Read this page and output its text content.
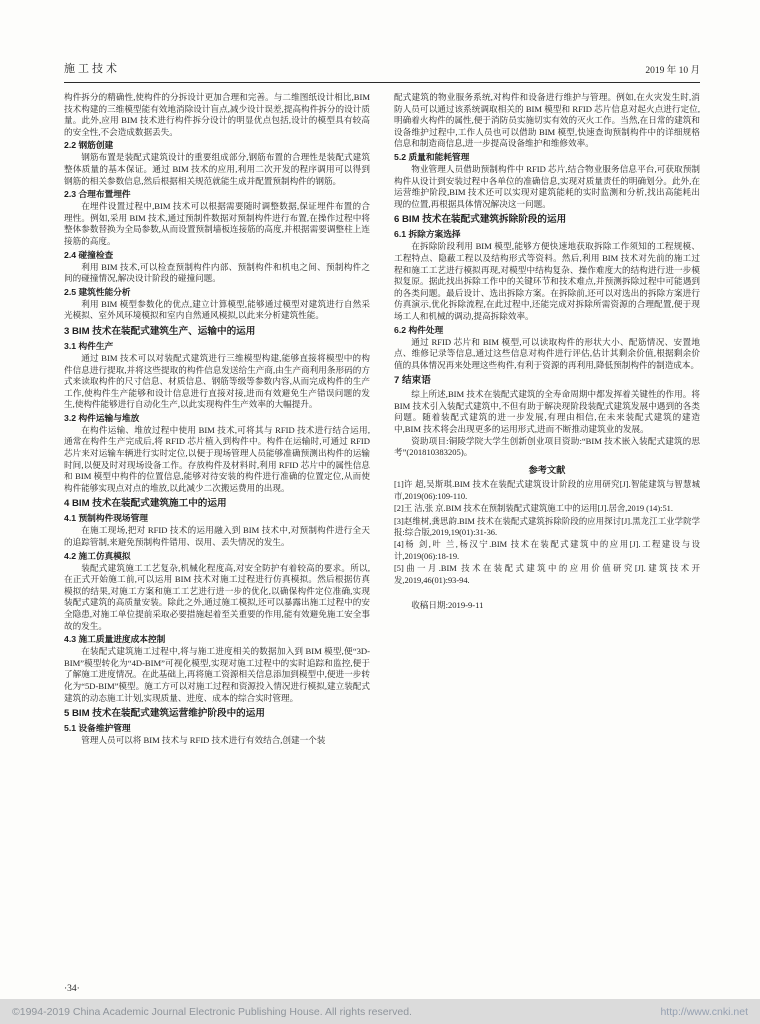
施工技术	2019 年 10 月
构件拆分的精确性,使构件的分拆设计更加合理和完善。与二维图纸设计相比,BIM 技术构建的三维模型能有效地消除设计盲点,减少设计误差,提高构件拆分的设计质量。此外,应用 BIM 技术进行构件拆分设计的明显优点包括,设计的模型具有较高的安全性,不会造成数据丢失。
2.2 钢筋创建
钢筋布置是装配式建筑设计的重要组成部分,钢筋布置的合理性是装配式建筑整体质量的基本保证。通过 BIM 技术的应用,利用二次开发的程序调用可以得到钢筋的相关参数信息,然后根据相关规范就能生成并配置预制构件的钢筋。
2.3 合理布置埋件
在埋件设置过程中,BIM 技术可以根据需要随时调整数据,保证埋件布置的合理性。例如,采用 BIM 技术,通过预制件数据对预制构件进行布置,在操作过程中将整体参数替换为全局参数,从而设置预制墙板连接筋的高度,并根据需要调整柱上连接筋的高度。
2.4 碰撞检查
利用 BIM 技术,可以检查预制构件内部、预制构件和机电之间、预制构件之间的碰撞情况,解决设计阶段的碰撞问题。
2.5 建筑性能分析
利用 BIM 模型参数化的优点,建立计算模型,能够通过模型对建筑进行自然采光模拟、室外风环境模拟和室内自然通风模拟,以此来分析建筑性能。
3 BIM 技术在装配式建筑生产、运输中的运用
3.1 构件生产
通过 BIM 技术可以对装配式建筑进行三维模型构建,能够直接将模型中的构件信息进行提取,并将这些提取的构件信息发送给生产商,由生产商利用条形码的方式来读取构件的尺寸信息、材质信息、钢筋等级等参数内容,从而完成构件的生产工作,使构件生产能够和设计信息进行直接对接,进而有效避免生产错误问题的发生,使构件能够进行自动化生产,以此实现构件生产效率的大幅提升。
3.2 构件运输与堆放
在构件运输、堆放过程中使用 BIM 技术,可将其与 RFID 技术进行结合运用,通常在构件生产完成后,将 RFID 芯片植入到构件中。构件在运输时,可通过 RFID 芯片来对运输车辆进行实时定位,以便于现场管理人员能够准确预测出构件的运输时间,以便及时对现场设备工作。存放构件及材料时,利用 RFID 芯片中的属性信息和 BIM 模型中构件的位置信息,能够对待安装的构件进行准确的位置定位,从而使构件能够实现点对点的堆放,以此减少二次搬运费用的出现。
4 BIM 技术在装配式建筑施工中的运用
4.1 预制构件现场管理
在施工现场,把对 RFID 技术的运用融入到 BIM 技术中,对预制构件进行全天的追踪管制,来避免预制构件错用、误用、丢失情况的发生。
4.2 施工仿真模拟
装配式建筑施工工艺复杂,机械化程度高,对安全防护有着较高的要求。所以,在正式开始施工前,可以运用 BIM 技术对施工过程进行仿真模拟。然后根据仿真模拟的结果,对施工方案和施工工艺进行进一步的优化,以确保构件定位准确,实现装配式建筑的高质量安装。除此之外,通过施工模拟,还可以暴露出施工过程中的安全隐患,对施工单位提前采取必要措施起着至关重要的作用,能有效避免施工安全事故的发生。
4.3 施工质量进度成本控制
在装配式建筑施工过程中,将与施工进度相关的数据加入到 BIM 模型,便“3D-BIM”模型转化为“4D-BIM”可视化模型,实现对施工过程中的实时追踪和监控,便于了解施工进度情况。在此基础上,再将施工资源相关信息添加到模型中,便进一步转化为“5D-BIM”模型。施工方可以对施工过程和资源投入情况进行模拟,建立装配式建筑的动态施工计划,实现质量、进度、成本的综合实时管理。
5 BIM 技术在装配式建筑运营维护阶段中的运用
5.1 设备维护管理
管理人员可以将 BIM 技术与 RFID 技术进行有效结合,创建一个装
配式建筑的物业服务系统,对构件和设备进行维护与管理。例如,在火灾发生时,消防人员可以通过该系统调取相关的 BIM 模型和 RFID 芯片信息对起火点进行定位,明确着火构件的属性,便于消防员实施切实有效的灭火工作。当然,在日常的建筑和设备维护过程中,工作人员也可以借助 BIM 模型,快速查询预制构件中的详细规格信息和制造商信息,进一步提高设备维护和维修效率。
5.2 质量和能耗管理
物业管理人员借助预制构件中 RFID 芯片,结合物业服务信息平台,可获取预制构件从设计到安装过程中各单位的准确信息,实现对质量责任的明确划分。此外,在运营维护阶段,BIM 技术还可以实现对建筑能耗的实时监测和分析,找出高能耗出现的位置,再根据具体情况解决这一问题。
6 BIM 技术在装配式建筑拆除阶段的运用
6.1 拆除方案选择
在拆除阶段利用 BIM 模型,能够方便快速地获取拆除工作须知的工程规模、工程特点、隐蔽工程以及结构形式等资料。然后,利用 BIM 技术对先前的施工过程和施工工艺进行模拟再现,对模型中结构复杂、操作难度大的结构进行进一步模拟复原。据此找出拆除工作中的关键环节和技术难点,并预测拆除过程中可能遇到的各类问题。最后设计、选出拆除方案。在拆除前,还可以对选出的拆除方案进行仿真演示,优化拆除流程,在此过程中,还能完成对拆除所需资源的合理配置,便于现场工人和机械的调动,提高拆除效率。
6.2 构件处理
通过 RFID 芯片和 BIM 模型,可以读取构件的形状大小、配筋情况、安置地点、维修记录等信息,通过这些信息对构件进行评估,估计其剩余价值,根据剩余价值的具体情况再来处理这些构件,有利于资源的再利用,降低预制构件的制造成本。
7 结束语
综上所述,BIM 技术在装配式建筑的全寿命周期中都发挥着关键性的作用。将 BIM 技术引入装配式建筑中,不但有助于解决现阶段装配式建筑发展中遇到的各类问题。随着装配式建筑的进一步发展,有理由相信,在未来装配式建筑的建造中,BIM 技术将会出现更多的运用形式,进而不断推动建筑业的发展。
资助项目:铜陵学院大学生创新创业项目资助:“BIM 技术嵌入装配式建筑的思考”(201810383205)。
参考文献
[1]许 超,吴斯琪.BIM 技术在装配式建筑设计阶段的应用研究[J].智能建筑与智慧城市,2019(06):109-110.
[2]王 洁,张 京.BIM 技术在预制装配式建筑施工中的运用[J].居舍,2019 (14):51.
[3]赵维树,龚思韵.BIM 技术在装配式建筑拆除阶段的应用探讨[J].黑龙江工业学院学报:综合版,2019,19(01):31-36.
[4]杨 剑,叶 兰,杨汉宁.BIM 技术在装配式建筑中的应用[J].工程建设与设计,2019(06):18-19.
[5]曲一月.BIM 技术在装配式建筑中的应用价值研究[J].建筑技术开发,2019,46(01):93-94.
收稿日期:2019-9-11
·34·
©1994-2019 China Academic Journal Electronic Publishing House. All rights reserved.	http://www.cnki.net
